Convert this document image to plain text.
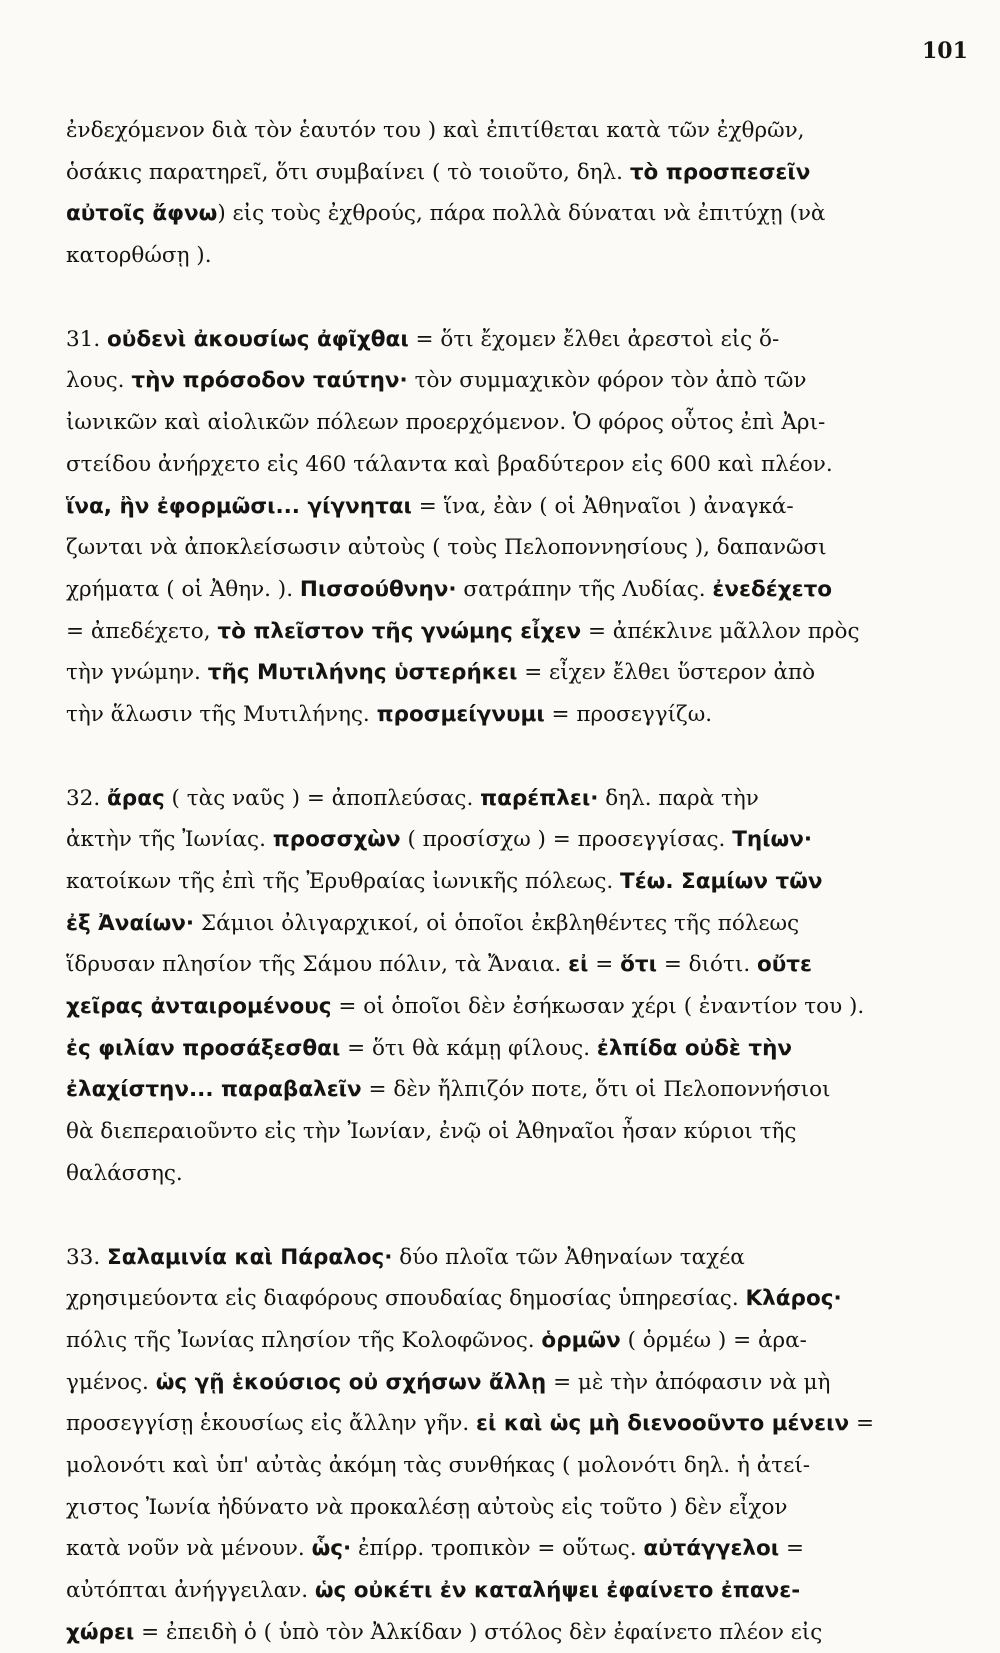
101
ἐνδεχόμενον διὰ τὸν ἑαυτόν του ) καὶ ἐπιτίθεται κατὰ τῶν ἐχθρῶν,
ὁσάκις παρατηρεῖ, ὅτι συμβαίνει ( τὸ τοιοῦτο, δηλ. τὸ προσπεσεῖν
αὐτοῖς ἄφνω) εἰς τοὺς ἐχθρούς, πάρα πολλὰ δύναται νὰ ἐπιτύχῃ (νὰ
κατορθώσῃ ).
31. οὐδενὶ ἀκουσίως ἀφῖχθαι = ὅτι ἔχομεν ἔλθει ἀρεστοὶ εἰς ὅ-
λους. τὴν πρόσοδον ταύτην· τὸν συμμαχικὸν φόρον τὸν ἀπὸ τῶν
ἰωνικῶν καὶ αἰολικῶν πόλεων προερχόμενον. Ὁ φόρος οὗτος ἐπὶ Ἀρι-
στείδου ἀνήρχετο εἰς 460 τάλαντα καὶ βραδύτερον εἰς 600 καὶ πλέον.
ἵνα, ἢν ἐφορμῶσι... γίγνηται = ἵνα, ἐὰν ( οἱ Ἀθηναῖοι ) ἀναγκά-
ζωνται νὰ ἀποκλείσωσιν αὐτοὺς ( τοὺς Πελοποννησίους ), δαπανῶσι
χρήματα ( οἱ Ἀθην. ). Πισσούθνην· σατράπην τῆς Λυδίας. ἐνεδέχετο
= ἀπεδέχετο, τὸ πλεῖστον τῆς γνώμης εἶχεν = ἀπέκλινε μᾶλλον πρὸς
τὴν γνώμην. τῆς Μυτιλήνης ὑστερήκει = εἶχεν ἔλθει ὕστερον ἀπὸ
τὴν ἅλωσιν τῆς Μυτιλήνης. προσμείγνυμι = προσεγγίζω.
32. ἄρας ( τὰς ναῦς ) = ἀποπλεύσας. παρέπλει· δηλ. παρὰ τὴν
ἀκτὴν τῆς Ἰωνίας. προσσχὼν ( προσίσχω ) = προσεγγίσας. Τηίων·
κατοίκων τῆς ἐπὶ τῆς Ἐρυθραίας ἰωνικῆς πόλεως. Τέω. Σαμίων τῶν
ἐξ Ἀναίων· Σάμιοι ὀλιγαρχικοί, οἱ ὁποῖοι ἐκβληθέντες τῆς πόλεως
ἵδρυσαν πλησίον τῆς Σάμου πόλιν, τὰ Ἄναια. εἰ = ὅτι = διότι. οὔτε
χεῖρας ἀνταιρομένους = οἱ ὁποῖοι δὲν ἐσήκωσαν χέρι ( ἐναντίον του ).
ἐς φιλίαν προσάξεσθαι = ὅτι θὰ κάμῃ φίλους. ἐλπίδα οὐδὲ τὴν
ἐλαχίστην... παραβαλεῖν = δὲν ἤλπιζόν ποτε, ὅτι οἱ Πελοποννήσιοι
θὰ διεπεραιοῦντο εἰς τὴν Ἰωνίαν, ἐνῷ οἱ Ἀθηναῖοι ἦσαν κύριοι τῆς
θαλάσσης.
33. Σαλαμινία καὶ Πάραλος· δύο πλοῖα τῶν Ἀθηναίων ταχέα
χρησιμεύοντα εἰς διαφόρους σπουδαίας δημοσίας ὑπηρεσίας. Κλάρος·
πόλις τῆς Ἰωνίας πλησίον τῆς Κολοφῶνος. ὁρμῶν ( ὁρμέω ) = ἀρα-
γμένος. ὡς γῇ ἑκούσιος οὐ σχήσων ἄλλῃ = μὲ τὴν ἀπόφασιν νὰ μὴ
προσεγγίσῃ ἑκουσίως εἰς ἄλλην γῆν. εἰ καὶ ὡς μὴ διενοοῦντο μένειν =
μολονότι καὶ ὑπ' αὐτὰς ἀκόμη τὰς συνθήκας ( μολονότι δηλ. ἡ ἀτεί-
χιστος Ἰωνία ἠδύνατο νὰ προκαλέσῃ αὐτοὺς εἰς τοῦτο ) δὲν εἶχον
κατὰ νοῦν νὰ μένουν. ὧς· ἐπίρρ. τροπικὸν = οὕτως. αὐτάγγελοι =
αὐτόπται ἀνήγγειλαν. ὡς οὐκέτι ἐν καταλήψει ἐφαίνετο ἐπανε-
χώρει = ἐπειδὴ ὁ ( ὑπὸ τὸν Ἀλκίδαν ) στόλος δὲν ἐφαίνετο πλέον εἰς
